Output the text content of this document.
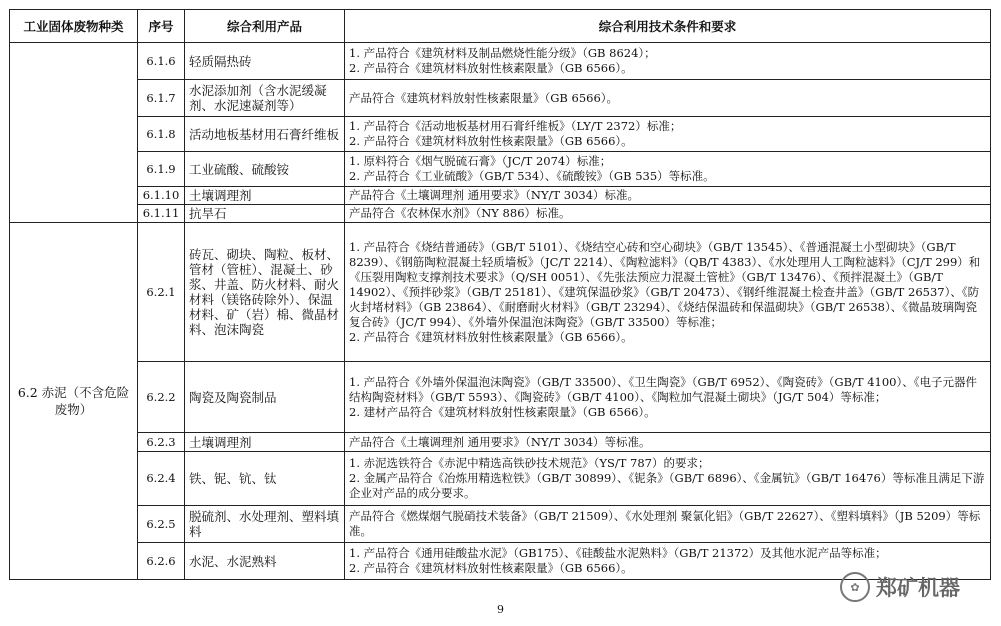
工业固体废物种类	序号	综合利用产品	综合利用技术条件和要求
	6.1.6	轻质隔热砖	1. 产品符合《建筑材料及制品燃烧性能分级》（GB 8624）；
2. 产品符合《建筑材料放射性核素限量》（GB 6566）。

	6.1.7	水泥添加剂（含水泥缓凝剂、水泥速凝剂等）	产品符合《建筑材料放射性核素限量》（GB 6566）。

	6.1.8	活动地板基材用石膏纤维板	1. 产品符合《活动地板基材用石膏纤维板》（LY/T 2372）标准；
2. 产品符合《建筑材料放射性核素限量》（GB 6566）。

	6.1.9	工业硫酸、硫酸铵	1. 原料符合《烟气脱硫石膏》（JC/T 2074）标准；
2. 产品符合《工业硫酸》（GB/T 534）、《硫酸铵》（GB 535）等标准。

	6.1.10	土壤调理剂	产品符合《土壤调理剂 通用要求》（NY/T 3034）标准。

	6.1.11	抗旱石	产品符合《农林保水剂》（NY 886）标准。

6.2 赤泥（不含危险废物）	6.2.1	砖瓦、砌块、陶粒、板材、管材（管桩）、混凝土、砂浆、井盖、防火材料、耐火材料（镁铬砖除外）、保温材料、矿（岩）棉、微晶材料、泡沫陶瓷	1. 产品符合《烧结普通砖》（GB/T 5101）、《烧结空心砖和空心砌块》（GB/T 13545）、《普通混凝土小型砌块》（GB/T 8239）、《钢筋陶粒混凝土轻质墙板》（JC/T 2214）、《陶粒滤料》（QB/T 4383）、《水处理用人工陶粒滤料》（CJ/T 299）和《压裂用陶粒支撑剂技术要求》（Q/SH 0051）、《先张法预应力混凝土管桩》（GB/T 13476）、《预拌混凝土》（GB/T 14902）、《预拌砂浆》（GB/T 25181）、《建筑保温砂浆》（GB/T 20473）、《钢纤维混凝土检查井盖》（GB/T 26537）、《防火封堵材料》（GB 23864）、《耐磨耐火材料》（GB/T 23294）、《烧结保温砖和保温砌块》（GB/T 26538）、《微晶玻璃陶瓷复合砖》（JC/T 994）、《外墙外保温泡沫陶瓷》（GB/T 33500）等标准；
2. 产品符合《建筑材料放射性核素限量》（GB 6566）。

	6.2.2	陶瓷及陶瓷制品	1. 产品符合《外墙外保温泡沫陶瓷》（GB/T 33500）、《卫生陶瓷》（GB/T 6952）、《陶瓷砖》（GB/T 4100）、《电子元器件结构陶瓷材料》（GB/T 5593）、《陶瓷砖》（GB/T 4100）、《陶粒加气混凝土砌块》（JG/T 504）等标准；
2. 建材产品符合《建筑材料放射性核素限量》（GB 6566）。

	6.2.3	土壤调理剂	产品符合《土壤调理剂 通用要求》（NY/T 3034）等标准。

	6.2.4	铁、铌、钪、钛	1. 赤泥选铁符合《赤泥中精选高铁砂技术规范》（YS/T 787）的要求；
2. 金属产品符合《冶炼用精选粒铁》（GB/T 30899）、《铌条》（GB/T 6896）、《金属钪》（GB/T 16476）等标准且满足下游企业对产品的成分要求。

	6.2.5	脱硫剂、水处理剂、塑料填料	产品符合《燃煤烟气脱硝技术装备》（GB/T 21509）、《水处理剂 聚氯化铝》（GB/T 22627）、《塑料填料》（JB 5209）等标准。

	6.2.6	水泥、水泥熟料	1. 产品符合《通用硅酸盐水泥》（GB175）、《硅酸盐水泥熟料》（GB/T 21372）及其他水泥产品等标准；
2. 产品符合《建筑材料放射性核素限量》（GB 6566）。
✿ 郑矿机器
9
